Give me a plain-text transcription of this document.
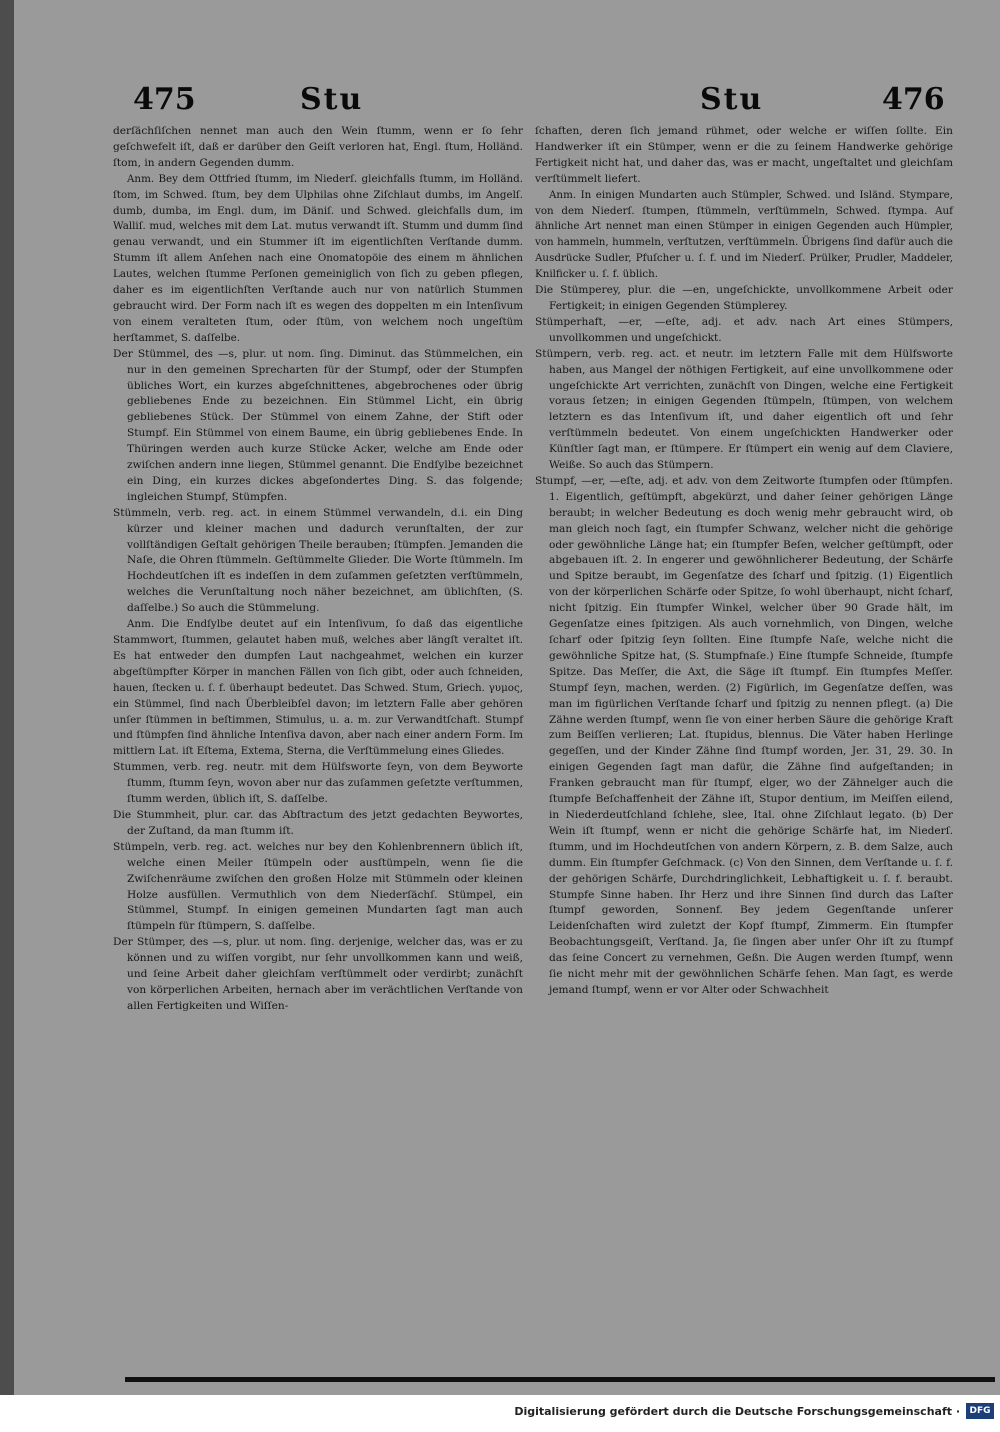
475	Stu	Stu	476

derſächſiſchen nennet man auch den Wein ſtumm, wenn er ſo ſehr geſchwefelt iſt, daß er darüber den Geiſt verloren hat, Engl. ſtum, Holländ. ſtom, in andern Gegenden dumm.

Anm. Bey dem Ottfried ſtumm, im Niederſ. gleichfalls ſtumm, im Holländ. ſtom, im Schwed. ſtum, bey dem Ulphilas ohne Ziſchlaut dumbs, im Angelſ. dumb, dumba, im Engl. dum, im Däniſ. und Schwed. gleichfalls dum, im Walliſ. mud, welches mit dem Lat. mutus verwandt iſt. Stumm und dumm ſind genau verwandt, und ein Stummer iſt im eigentlichſten Verſtande dumm. Stumm iſt allem Anſehen nach eine Onomatopöie des einem m ähnlichen Lautes, welchen ſtumme Perſonen gemeiniglich von ſich zu geben pflegen, daher es im eigentlichſten Verſtande auch nur von natürlich Stummen gebraucht wird. Der Form nach iſt es wegen des doppelten m ein Intenſivum von einem veralteten ſtum, oder ſtüm, von welchem noch ungeſtüm herſtammet, S. daſſelbe.

Der Stümmel, des —s, plur. ut nom. ſing. Diminut. das Stümmelchen, ein nur in den gemeinen Sprecharten für der Stumpf, oder der Stumpfen übliches Wort, ein kurzes abgeſchnittenes, abgebrochenes oder übrig gebliebenes Ende zu bezeichnen. Ein Stümmel Licht, ein übrig gebliebenes Stück. Der Stümmel von einem Zahne, der Stift oder Stumpf. Ein Stümmel von einem Baume, ein übrig gebliebenes Ende. In Thüringen werden auch kurze Stücke Acker, welche am Ende oder zwiſchen andern inne liegen, Stümmel genannt. Die Endſylbe bezeichnet ein Ding, ein kurzes dickes abgeſondertes Ding. S. das folgende; ingleichen Stumpf, Stümpfen.

Stümmeln, verb. reg. act. in einem Stümmel verwandeln, d.i. ein Ding kürzer und kleiner machen und dadurch verunſtalten, der zur vollſtändigen Geſtalt gehörigen Theile berauben; ſtümpfen. Jemanden die Naſe, die Ohren ſtümmeln. Geſtümmelte Glieder. Die Worte ſtümmeln. Im Hochdeutſchen iſt es indeſſen in dem zuſammen geſetzten verſtümmeln, welches die Verunſtaltung noch näher bezeichnet, am üblichſten, (S. daſſelbe.) So auch die Stümmelung.

Anm. Die Endſylbe deutet auf ein Intenſivum, ſo daß das eigentliche Stammwort, ſtummen, gelautet haben muß, welches aber längſt veraltet iſt. Es hat entweder den dumpfen Laut nachgeahmet, welchen ein kurzer abgeſtümpfter Körper in manchen Fällen von ſich gibt, oder auch ſchneiden, hauen, ſtecken u. ſ. f. überhaupt bedeutet. Das Schwed. Stum, Griech. γυμος, ein Stümmel, ſind nach Überbleibſel davon; im letztern Falle aber gehören unſer ſtümmen in beſtimmen, Stimulus, u. a. m. zur Verwandtſchaft. Stumpf und ſtümpfen ſind ähnliche Intenſiva davon, aber nach einer andern Form. Im mittlern Lat. iſt Eſtema, Extema, Sterna, die Verſtümmelung eines Gliedes.

Stummen, verb. reg. neutr. mit dem Hülfsworte ſeyn, von dem Beyworte ſtumm, ſtumm ſeyn, wovon aber nur das zuſammen geſetzte verſtummen, ſtumm werden, üblich iſt, S. daſſelbe.

Die Stummheit, plur. car. das Abſtractum des jetzt gedachten Beywortes, der Zuſtand, da man ſtumm iſt.

Stümpeln, verb. reg. act. welches nur bey den Kohlenbrennern üblich iſt, welche einen Meiler ſtümpeln oder ausſtümpeln, wenn ſie die Zwiſchenräume zwiſchen den großen Holze mit Stümmeln oder kleinen Holze ausfüllen. Vermuthlich von dem Niederſächſ. Stümpel, ein Stümmel, Stumpf. In einigen gemeinen Mundarten ſagt man auch ſtümpeln für ſtümpern, S. daſſelbe.

Der Stümper, des —s, plur. ut nom. ſing. derjenige, welcher das, was er zu können und zu wiſſen vorgibt, nur ſehr unvollkommen kann und weiß, und ſeine Arbeit daher gleichſam verſtümmelt oder verdirbt; zunächſt von körperlichen Arbeiten, hernach aber im verächtlichen Verſtande von allen Fertigkeiten und Wiſſen-

ſchaften, deren ſich jemand rühmet, oder welche er wiſſen ſollte. Ein Handwerker iſt ein Stümper, wenn er die zu ſeinem Handwerke gehörige Fertigkeit nicht hat, und daher das, was er macht, ungeſtaltet und gleichſam verſtümmelt liefert.

Anm. In einigen Mundarten auch Stümpler, Schwed. und Isländ. Stympare, von dem Niederſ. ſtumpen, ſtümmeln, verſtümmeln, Schwed. ſtympa. Auf ähnliche Art nennet man einen Stümper in einigen Gegenden auch Hümpler, von hammeln, hummeln, verſtutzen, verſtümmeln. Übrigens ſind dafür auch die Ausdrücke Sudler, Pfuſcher u. ſ. f. und im Niederſ. Prülker, Prudler, Maddeler, Knilficker u. ſ. f. üblich.

Die Stümperey, plur. die —en, ungeſchickte, unvollkommene Arbeit oder Fertigkeit; in einigen Gegenden Stümplerey.

Stümperhaft, —er, —eſte, adj. et adv. nach Art eines Stümpers, unvollkommen und ungeſchickt.

Stümpern, verb. reg. act. et neutr. im letztern Falle mit dem Hülfsworte haben, aus Mangel der nöthigen Fertigkeit, auf eine unvollkommene oder ungeſchickte Art verrichten, zunächſt von Dingen, welche eine Fertigkeit voraus ſetzen; in einigen Gegenden ſtümpeln, ſtümpen, von welchem letztern es das Intenſivum iſt, und daher eigentlich oft und ſehr verſtümmeln bedeutet. Von einem ungeſchickten Handwerker oder Künſtler ſagt man, er ſtümpere. Er ſtümpert ein wenig auf dem Claviere, Weiße. So auch das Stümpern.

Stumpf, —er, —eſte, adj. et adv. von dem Zeitworte ſtumpfen oder ſtümpfen. 1. Eigentlich, geſtümpft, abgekürzt, und daher ſeiner gehörigen Länge beraubt; in welcher Bedeutung es doch wenig mehr gebraucht wird, ob man gleich noch ſagt, ein ſtumpfer Schwanz, welcher nicht die gehörige oder gewöhnliche Länge hat; ein ſtumpfer Beſen, welcher geſtümpft, oder abgebauen iſt. 2. In engerer und gewöhnlicherer Bedeutung, der Schärfe und Spitze beraubt, im Gegenſatze des ſcharf und ſpitzig. (1) Eigentlich von der körperlichen Schärfe oder Spitze, ſo wohl überhaupt, nicht ſcharf, nicht ſpitzig. Ein ſtumpfer Winkel, welcher über 90 Grade hält, im Gegenſatze eines ſpitzigen. Als auch vornehmlich, von Dingen, welche ſcharf oder ſpitzig ſeyn ſollten. Eine ſtumpfe Naſe, welche nicht die gewöhnliche Spitze hat, (S. Stumpfnaſe.) Eine ſtumpfe Schneide, ſtumpfe Spitze. Das Meſſer, die Axt, die Säge iſt ſtumpf. Ein ſtumpfes Meſſer. Stumpf ſeyn, machen, werden. (2) Figürlich, im Gegenſatze deſſen, was man im figürlichen Verſtande ſcharf und ſpitzig zu nennen pflegt. (a) Die Zähne werden ſtumpf, wenn ſie von einer herben Säure die gehörige Kraft zum Beiſſen verlieren; Lat. ſtupidus, blennus. Die Väter haben Herlinge gegeſſen, und der Kinder Zähne ſind ſtumpf worden, Jer. 31, 29. 30. In einigen Gegenden ſagt man dafür, die Zähne ſind aufgeſtanden; in Franken gebraucht man für ſtumpf, elger, wo der Zähnelger auch die ſtumpfe Beſchaffenheit der Zähne iſt, Stupor dentium, im Meiſſen eilend, in Niederdeutſchland ſchlehe, slee, Ital. ohne Ziſchlaut legato. (b) Der Wein iſt ſtumpf, wenn er nicht die gehörige Schärfe hat, im Niederſ. ſtumm, und im Hochdeutſchen von andern Körpern, z. B. dem Salze, auch dumm. Ein ſtumpfer Geſchmack. (c) Von den Sinnen, dem Verſtande u. ſ. f. der gehörigen Schärfe, Durchdringlichkeit, Lebhaftigkeit u. ſ. f. beraubt. Stumpfe Sinne haben. Ihr Herz und ihre Sinnen ſind durch das Laſter ſtumpf geworden, Sonnenf. Bey jedem Gegenſtande unſerer Leidenſchaften wird zuletzt der Kopf ſtumpf, Zimmerm. Ein ſtumpfer Beobachtungsgeiſt, Verſtand. Ja, ſie ſingen aber unſer Ohr iſt zu ſtumpf das ſeine Concert zu vernehmen, Geßn. Die Augen werden ſtumpf, wenn ſie nicht mehr mit der gewöhnlichen Schärfe ſehen. Man ſagt, es werde jemand ſtumpf, wenn er vor Alter oder Schwachheit

Digitalisierung gefördert durch die Deutsche Forschungsgemeinschaft ·	DFG
